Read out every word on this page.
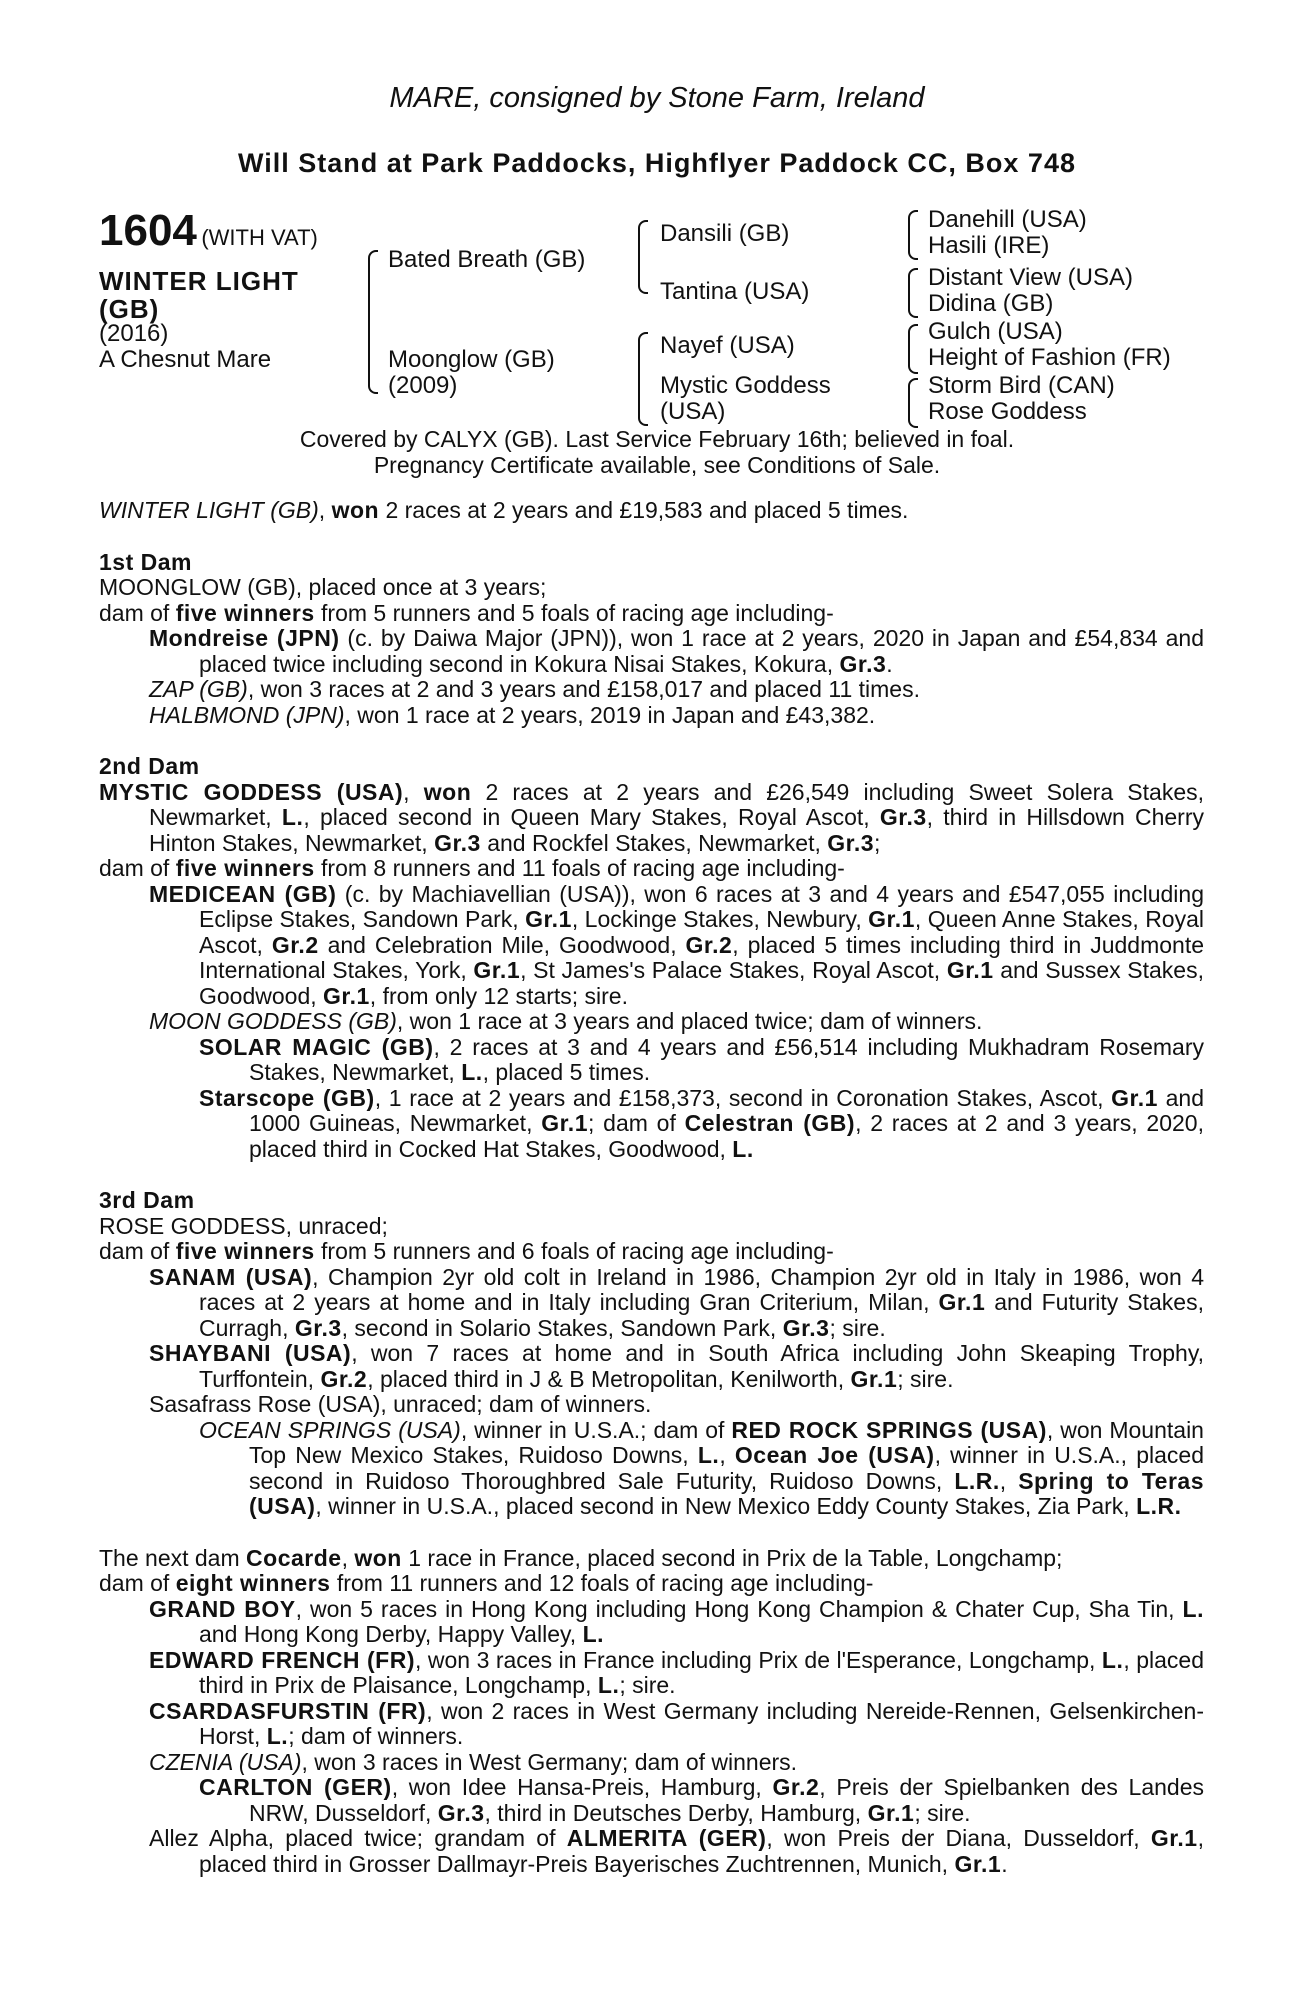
MARE, consigned by Stone Farm, Ireland
Will Stand at Park Paddocks, Highflyer Paddock CC, Box 748
1604 (WITH VAT)
WINTER LIGHT
(GB)
(2016)
A Chesnut Mare
Bated Breath (GB)
Moonglow (GB)
(2009)
Dansili (GB)
Tantina (USA)
Nayef (USA)
Mystic Goddess
(USA)
Danehill (USA)
Hasili (IRE)
Distant View (USA)
Didina (GB)
Gulch (USA)
Height of Fashion (FR)
Storm Bird (CAN)
Rose Goddess
Covered by CALYX (GB). Last Service February 16th; believed in foal.
Pregnancy Certificate available, see Conditions of Sale.

WINTER LIGHT (GB), won 2 races at 2 years and £19,583 and placed 5 times.

1st Dam

MOONGLOW (GB), placed once at 3 years;

dam of five winners from 5 runners and 5 foals of racing age including-

Mondreise (JPN) (c. by Daiwa Major (JPN)), won 1 race at 2 years, 2020 in Japan and £54,834 and placed twice including second in Kokura Nisai Stakes, Kokura, Gr.3.

ZAP (GB), won 3 races at 2 and 3 years and £158,017 and placed 11 times.

HALBMOND (JPN), won 1 race at 2 years, 2019 in Japan and £43,382.

2nd Dam

MYSTIC GODDESS (USA), won 2 races at 2 years and £26,549 including Sweet Solera Stakes, Newmarket, L., placed second in Queen Mary Stakes, Royal Ascot, Gr.3, third in Hillsdown Cherry Hinton Stakes, Newmarket, Gr.3 and Rockfel Stakes, Newmarket, Gr.3;

dam of five winners from 8 runners and 11 foals of racing age including-

MEDICEAN (GB) (c. by Machiavellian (USA)), won 6 races at 3 and 4 years and £547,055 including Eclipse Stakes, Sandown Park, Gr.1, Lockinge Stakes, Newbury, Gr.1, Queen Anne Stakes, Royal Ascot, Gr.2 and Celebration Mile, Goodwood, Gr.2, placed 5 times including third in Juddmonte International Stakes, York, Gr.1, St James's Palace Stakes, Royal Ascot, Gr.1 and Sussex Stakes, Goodwood, Gr.1, from only 12 starts; sire.

MOON GODDESS (GB), won 1 race at 3 years and placed twice; dam of winners.

SOLAR MAGIC (GB), 2 races at 3 and 4 years and £56,514 including Mukhadram Rosemary Stakes, Newmarket, L., placed 5 times.

Starscope (GB), 1 race at 2 years and £158,373, second in Coronation Stakes, Ascot, Gr.1 and 1000 Guineas, Newmarket, Gr.1; dam of Celestran (GB), 2 races at 2 and 3 years, 2020, placed third in Cocked Hat Stakes, Goodwood, L.

3rd Dam

ROSE GODDESS, unraced;

dam of five winners from 5 runners and 6 foals of racing age including-

SANAM (USA), Champion 2yr old colt in Ireland in 1986, Champion 2yr old in Italy in 1986, won 4 races at 2 years at home and in Italy including Gran Criterium, Milan, Gr.1 and Futurity Stakes, Curragh, Gr.3, second in Solario Stakes, Sandown Park, Gr.3; sire.

SHAYBANI (USA), won 7 races at home and in South Africa including John Skeaping Trophy, Turffontein, Gr.2, placed third in J & B Metropolitan, Kenilworth, Gr.1; sire.

Sasafrass Rose (USA), unraced; dam of winners.

OCEAN SPRINGS (USA), winner in U.S.A.; dam of RED ROCK SPRINGS (USA), won Mountain Top New Mexico Stakes, Ruidoso Downs, L., Ocean Joe (USA), winner in U.S.A., placed second in Ruidoso Thoroughbred Sale Futurity, Ruidoso Downs, L.R., Spring to Teras (USA), winner in U.S.A., placed second in New Mexico Eddy County Stakes, Zia Park, L.R.

The next dam Cocarde, won 1 race in France, placed second in Prix de la Table, Longchamp;

dam of eight winners from 11 runners and 12 foals of racing age including-

GRAND BOY, won 5 races in Hong Kong including Hong Kong Champion & Chater Cup, Sha Tin, L. and Hong Kong Derby, Happy Valley, L.

EDWARD FRENCH (FR), won 3 races in France including Prix de l'Esperance, Longchamp, L., placed third in Prix de Plaisance, Longchamp, L.; sire.

CSARDASFURSTIN (FR), won 2 races in West Germany including Nereide-Rennen, Gelsenkirchen-Horst, L.; dam of winners.

CZENIA (USA), won 3 races in West Germany; dam of winners.

CARLTON (GER), won Idee Hansa-Preis, Hamburg, Gr.2, Preis der Spielbanken des Landes NRW, Dusseldorf, Gr.3, third in Deutsches Derby, Hamburg, Gr.1; sire.

Allez Alpha, placed twice; grandam of ALMERITA (GER), won Preis der Diana, Dusseldorf, Gr.1, placed third in Grosser Dallmayr-Preis Bayerisches Zuchtrennen, Munich, Gr.1.
